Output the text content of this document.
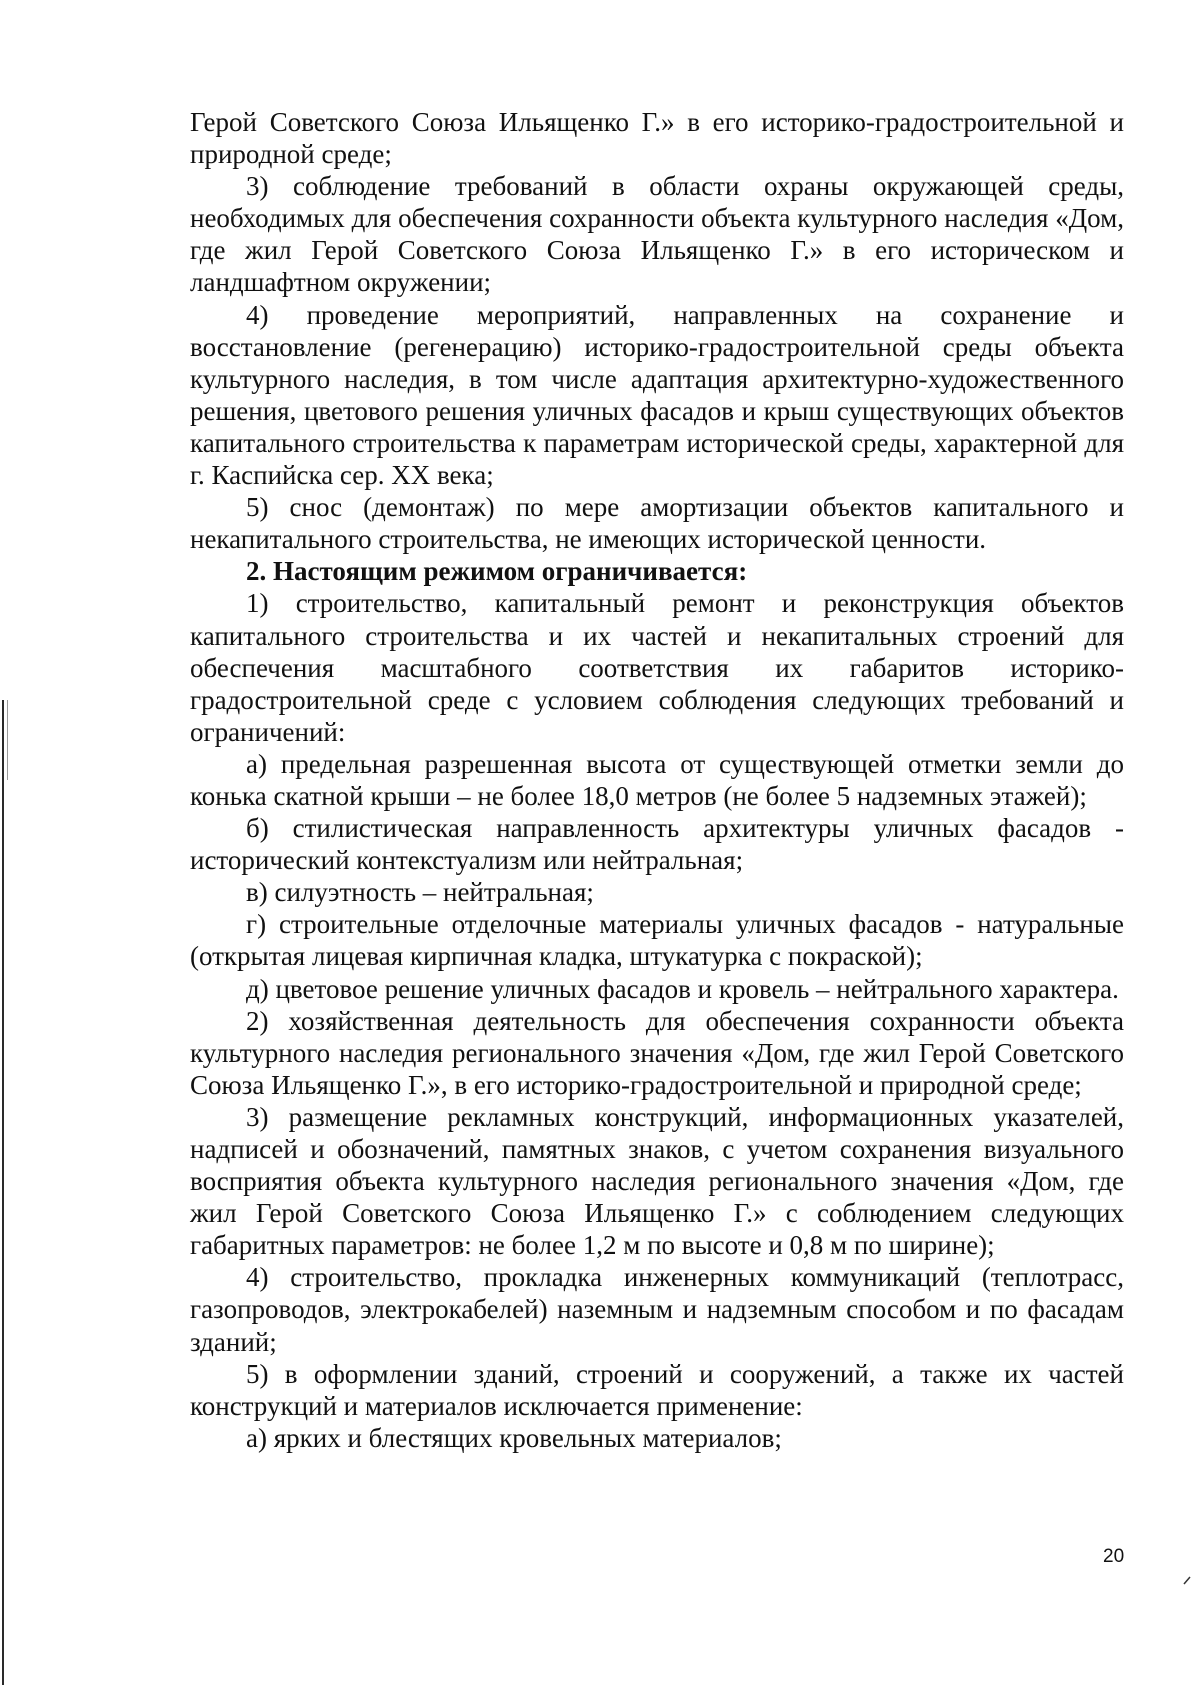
Герой Советского Союза Ильященко Г.» в его историко-градостроительной и природной среде;

3) соблюдение требований в области охраны окружающей среды, необходимых для обеспечения сохранности объекта культурного наследия «Дом, где жил Герой Советского Союза Ильященко Г.» в его историческом и ландшафтном окружении;

4) проведение мероприятий, направленных на сохранение и восстановление (регенерацию) историко-градостроительной среды объекта культурного наследия, в том числе адаптация архитектурно-художественного решения, цветового решения уличных фасадов и крыш существующих объектов капитального строительства к параметрам исторической среды, характерной для г. Каспийска сер. XX века;

5) снос (демонтаж) по мере амортизации объектов капитального и некапитального строительства, не имеющих исторической ценности.

2. Настоящим режимом ограничивается:

1) строительство, капитальный ремонт и реконструкция объектов капитального строительства и их частей и некапитальных строений для обеспечения масштабного соответствия их габаритов историко-градостроительной среде с условием соблюдения следующих требований и ограничений:

а) предельная разрешенная высота от существующей отметки земли до конька скатной крыши – не более 18,0 метров (не более 5 надземных этажей);

б) стилистическая направленность архитектуры уличных фасадов - исторический контекстуализм или нейтральная;

в) силуэтность – нейтральная;

г) строительные отделочные материалы уличных фасадов - натуральные (открытая лицевая кирпичная кладка, штукатурка с покраской);

д) цветовое решение уличных фасадов и кровель – нейтрального характера.

2) хозяйственная деятельность для обеспечения сохранности объекта культурного наследия регионального значения «Дом, где жил Герой Советского Союза Ильященко Г.», в его историко-градостроительной и природной среде;

3) размещение рекламных конструкций, информационных указателей, надписей и обозначений, памятных знаков, с учетом сохранения визуального восприятия объекта культурного наследия регионального значения «Дом, где жил Герой Советского Союза Ильященко Г.» с соблюдением следующих габаритных параметров: не более 1,2 м по высоте и 0,8 м по ширине);

4) строительство, прокладка инженерных коммуникаций (теплотрасс, газопроводов, электрокабелей) наземным и надземным способом и по фасадам зданий;

5) в оформлении зданий, строений и сооружений, а также их частей конструкций и материалов исключается применение:

а) ярких и блестящих кровельных материалов;

20
